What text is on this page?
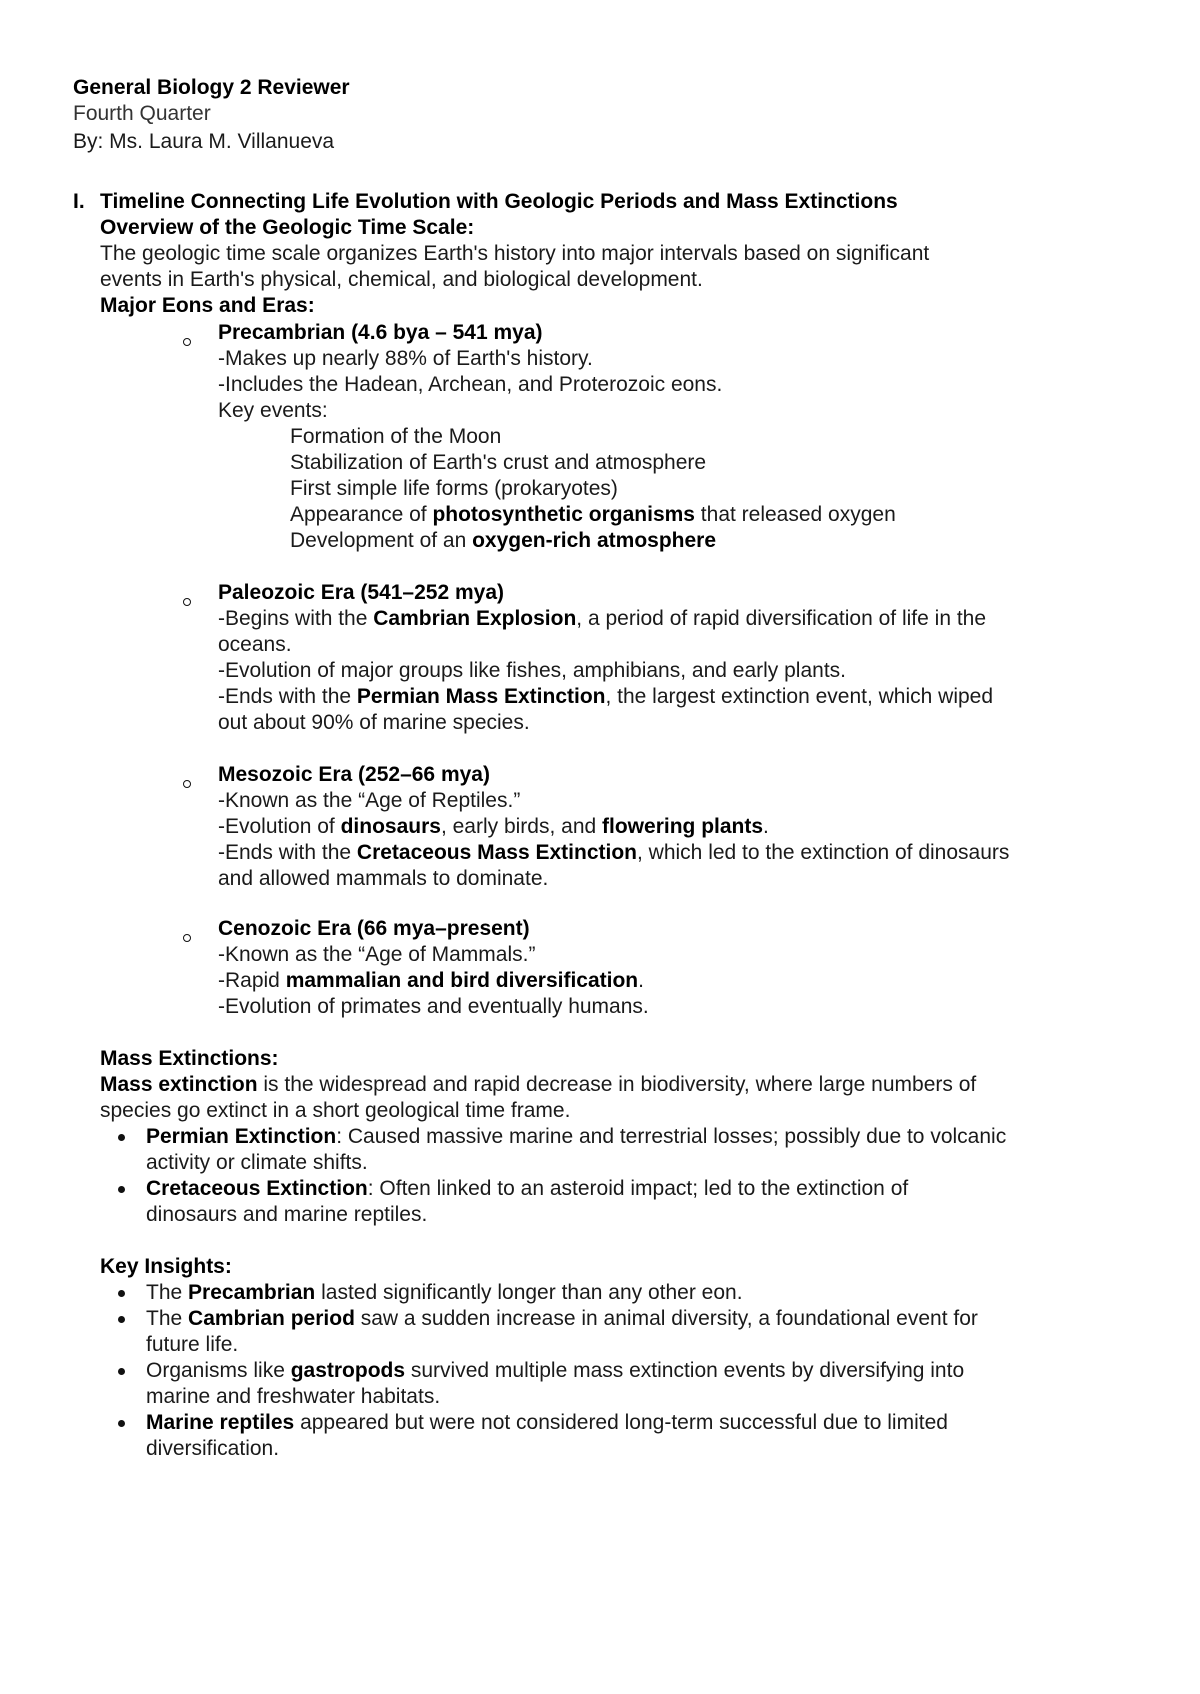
General Biology 2 Reviewer
Fourth Quarter
By: Ms. Laura M. Villanueva
I. Timeline Connecting Life Evolution with Geologic Periods and Mass Extinctions
Overview of the Geologic Time Scale:
The geologic time scale organizes Earth's history into major intervals based on significant
events in Earth's physical, chemical, and biological development.
Major Eons and Eras:
Precambrian (4.6 bya – 541 mya)
-Makes up nearly 88% of Earth's history.
-Includes the Hadean, Archean, and Proterozoic eons.
Key events:
Formation of the Moon
Stabilization of Earth's crust and atmosphere
First simple life forms (prokaryotes)
Appearance of photosynthetic organisms that released oxygen
Development of an oxygen-rich atmosphere
Paleozoic Era (541–252 mya)
-Begins with the Cambrian Explosion, a period of rapid diversification of life in the
oceans.
-Evolution of major groups like fishes, amphibians, and early plants.
-Ends with the Permian Mass Extinction, the largest extinction event, which wiped
out about 90% of marine species.
Mesozoic Era (252–66 mya)
-Known as the “Age of Reptiles.”
-Evolution of dinosaurs, early birds, and flowering plants.
-Ends with the Cretaceous Mass Extinction, which led to the extinction of dinosaurs
and allowed mammals to dominate.
Cenozoic Era (66 mya–present)
-Known as the “Age of Mammals.”
-Rapid mammalian and bird diversification.
-Evolution of primates and eventually humans.
Mass Extinctions:
Mass extinction is the widespread and rapid decrease in biodiversity, where large numbers of
species go extinct in a short geological time frame.
Permian Extinction: Caused massive marine and terrestrial losses; possibly due to volcanic
activity or climate shifts.
Cretaceous Extinction: Often linked to an asteroid impact; led to the extinction of
dinosaurs and marine reptiles.
Key Insights:
The Precambrian lasted significantly longer than any other eon.
The Cambrian period saw a sudden increase in animal diversity, a foundational event for
future life.
Organisms like gastropods survived multiple mass extinction events by diversifying into
marine and freshwater habitats.
Marine reptiles appeared but were not considered long-term successful due to limited
diversification.
